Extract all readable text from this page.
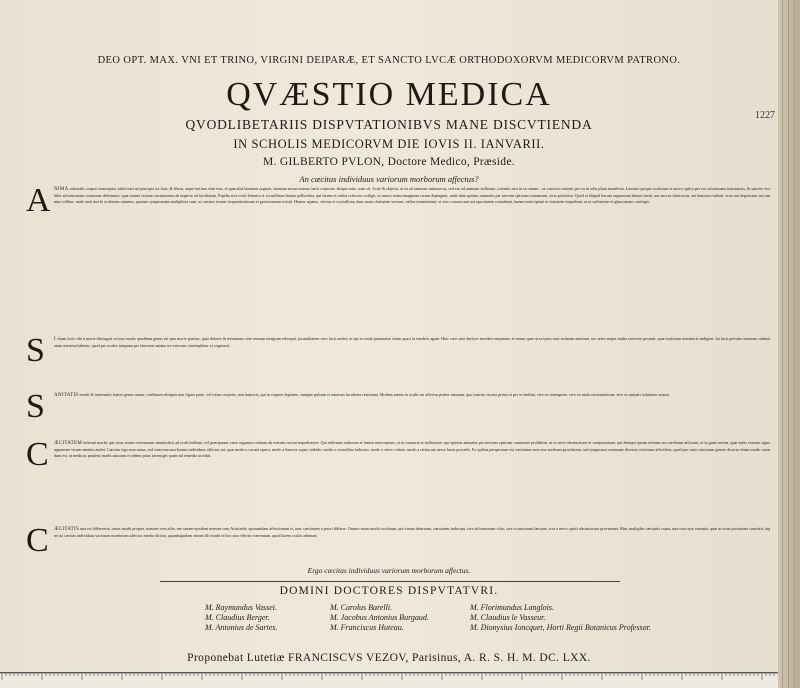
DEO OPT. MAX. VNI ET TRINO, VIRGINI DEIPARÆ, ET SANCTO LVCÆ ORTHODOXORVM MEDICORVM PATRONO.
QVÆSTIO MEDICA
QVODLIBETARIIS DISPVTATIONIBVS MANE DISCVTIENDA
IN SCHOLIS MEDICORVM DIE IOVIS II. IANVARII.
M. GILBERTO PVLON, Doctore Medico, Præside.
An cæcitas individuus variorum morborum affectus?
1227
A NIMA rationalis corpori mancipata, subiiciunt ad principia tot fatis, & fibras, atque tertium vitæ eius, et quæ aliis humanis organis, omnium nexus sensus fuerit corporea, ubique ratio, nam sit. Actio & objecta, ut ea ad omnium intrinsecus, sed eas ad animum nullorum, scientiis nisi in se omnes... ut concreto rationis per ea in orbe plura manifesta. Lumine quoque oculorum et nervo optico per eos ad animam transmissis, & species visibiles ad sensorium commune deferuntur, quæ omnes visionis instrumenta ab imperio ad facultatem. Pupilla sive oculi fenestra et crystallinus humor pellucidus, qui lucem et radios refractos colligit, in tunica retina imaginem rerum depingunt, unde dum spiritus animales per nervum opticum commeant, visio perficitur. Quod si aliquid horum organorum læsum fuerit, aut nervus obstructus, aut humores turbati, visio aut depravatur aut omnino tollitur: unde varii morbi oculorum oriuntur, quorum symptomata multiplicia sunt, ac cæcitas eorum frequentissimum et gravissimum existit. Humor aqueus, vitreus et crystallinus dum suam claritatem servant, radios transmittunt; si vero crassescant aut opacitatem contrahant, lumen intercipiunt et visionem impediunt, ut in suffusione et glaucomate contingit.
S I vitam lucis sibi à morte distinguit ceciras mortis quoddam genus est ipsa morte gravius, quia dolores & æerumnas vitæ sensum integrum relinquit, jucunditatem vero lucis aufert; ut qui eo malo premuntur vitam quasi in tenebris agant. Hinc cæci sine ductore incedere nequeunt, et rerum quæ circa ipsos sunt notitiam amittunt, nec artes neque studia exercere possunt, quæ oculorum ministerio indigent. Ita lucis privatio omnium calamitatum maxima habetur, quod per oculos tanquam per fenestras anima res externas contemplatur et cognoscit.
S ANITATIS morbi & interemitti fratres genus unum, conflatum sibiipsis non figura parte, vel totius corporis, non humoris, qui in corpore legitimo, suntque pulsum et omnium facultates restituunt. Morbus autem in oculis est affectus præter naturam, quo functio visoria primo et per se læditur, sive ex intemperie, sive ex mala conformatione, sive ex unitatis solutione oriatur.
C ÆCITATEM inferunt morbi, qui visus rerum externarum simulachris ad oculi bulbum, vel præcipuum visus organum retinam ab externis arcent impediuntve. Qui reflexum radiorum et lumen interceptum, ut in cataracta et suffusione; qui spiritus animales per nervum opticum commeare prohibent, ut in nervi obstructione et compressione; qui denique ipsam retinam aut cerebrum afficiunt, ut in gutta serena, quæ nullo externo signo apparente visum omnino aufert. Cæcitas ergo non unius, sed variorum morborum individuus affectus est, quæ modo a cornea opaca, modo a humore aqueo turbido, modo a crystallino indurato, modo a vitreo vitiato, modo a retina aut nervo læsis procedit. Ex quibus perspicuum est cæcitatem non esse morbum peculiarem, sed symptoma commune diversis oculorum affectibus, quod pro vario causarum genere diverso etiam modo curandum est, ut medicus prudens morbi naturam et sedem prius investiget quam ad remedia accedat.
C ÆCITATIS una est differentia, unius morbi proprie, nomine cum aliis; nec tamen ejusdem nomine cum Aristotele, quorumdam affectionum et, tunc cæcitatem a priori differre. Omnes enim morbi oculorum, qui visum destruunt, cæcitatem inducunt, sive ab humorum vitio, sive a tunicarum læsione, sive a nervi optici obstructione proveniant. Hinc multiplex cæcitatis causa, una vero ejus essentia, quæ in visus privatione consistit; atque ita cæcitas individuus variorum morborum affectus merito dicitur, quandoquidem omnes illi morbi in hoc uno effectu conveniunt, quod lucem oculis adimunt.
Ergo cæcitas individuus variorum morborum affectus.
DOMINI DOCTORES DISPVTATVRI.
M. Raymundus Vassei.
M. Claudius Berger.
M. Antonius de Sartes.
M. Carolus Barelli.
M. Jacobus Antonius Burgaud.
M. Franciscus Huteau.
M. Florimundus Langlois.
M. Claudius le Vasseur.
M. Dionysius Ioncquet, Horti Regii Botanicus Professor.
Proponebat Lutetiæ FRANCISCVS VEZOV, Parisinus, A. R. S. H. M. DC. LXX.
